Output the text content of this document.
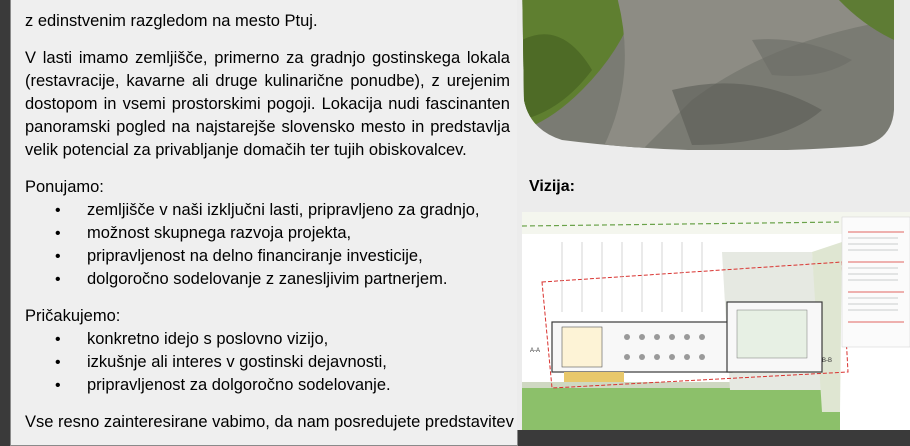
z edinstvenim razgledom na mesto Ptuj.

V lasti imamo zemljišče, primerno za gradnjo gostinskega lokala (restavracije, kavarne ali druge kulinarične ponudbe), z urejenim dostopom in vsemi prostorskimi pogoji. Lokacija nudi fascinanten panoramski pogled na najstarejše slovensko mesto in predstavlja velik potencial za privabljanje domačih ter tujih obiskovalcev.

Ponujamo:

• zemljišče v naši izključni lasti, pripravljeno za gradnjo,
• možnost skupnega razvoja projekta,
• pripravljenost na delno financiranje investicije,
• dolgoročno sodelovanje z zanesljivim partnerjem.

Pričakujemo:

• konkretno idejo s poslovno vizijo,
• izkušnje ali interes v gostinski dejavnosti,
• pripravljenost za dolgoročno sodelovanje.

Vse resno zainteresirane vabimo, da nam posredujete predstavitev

Vizija:
A-A
B-B
